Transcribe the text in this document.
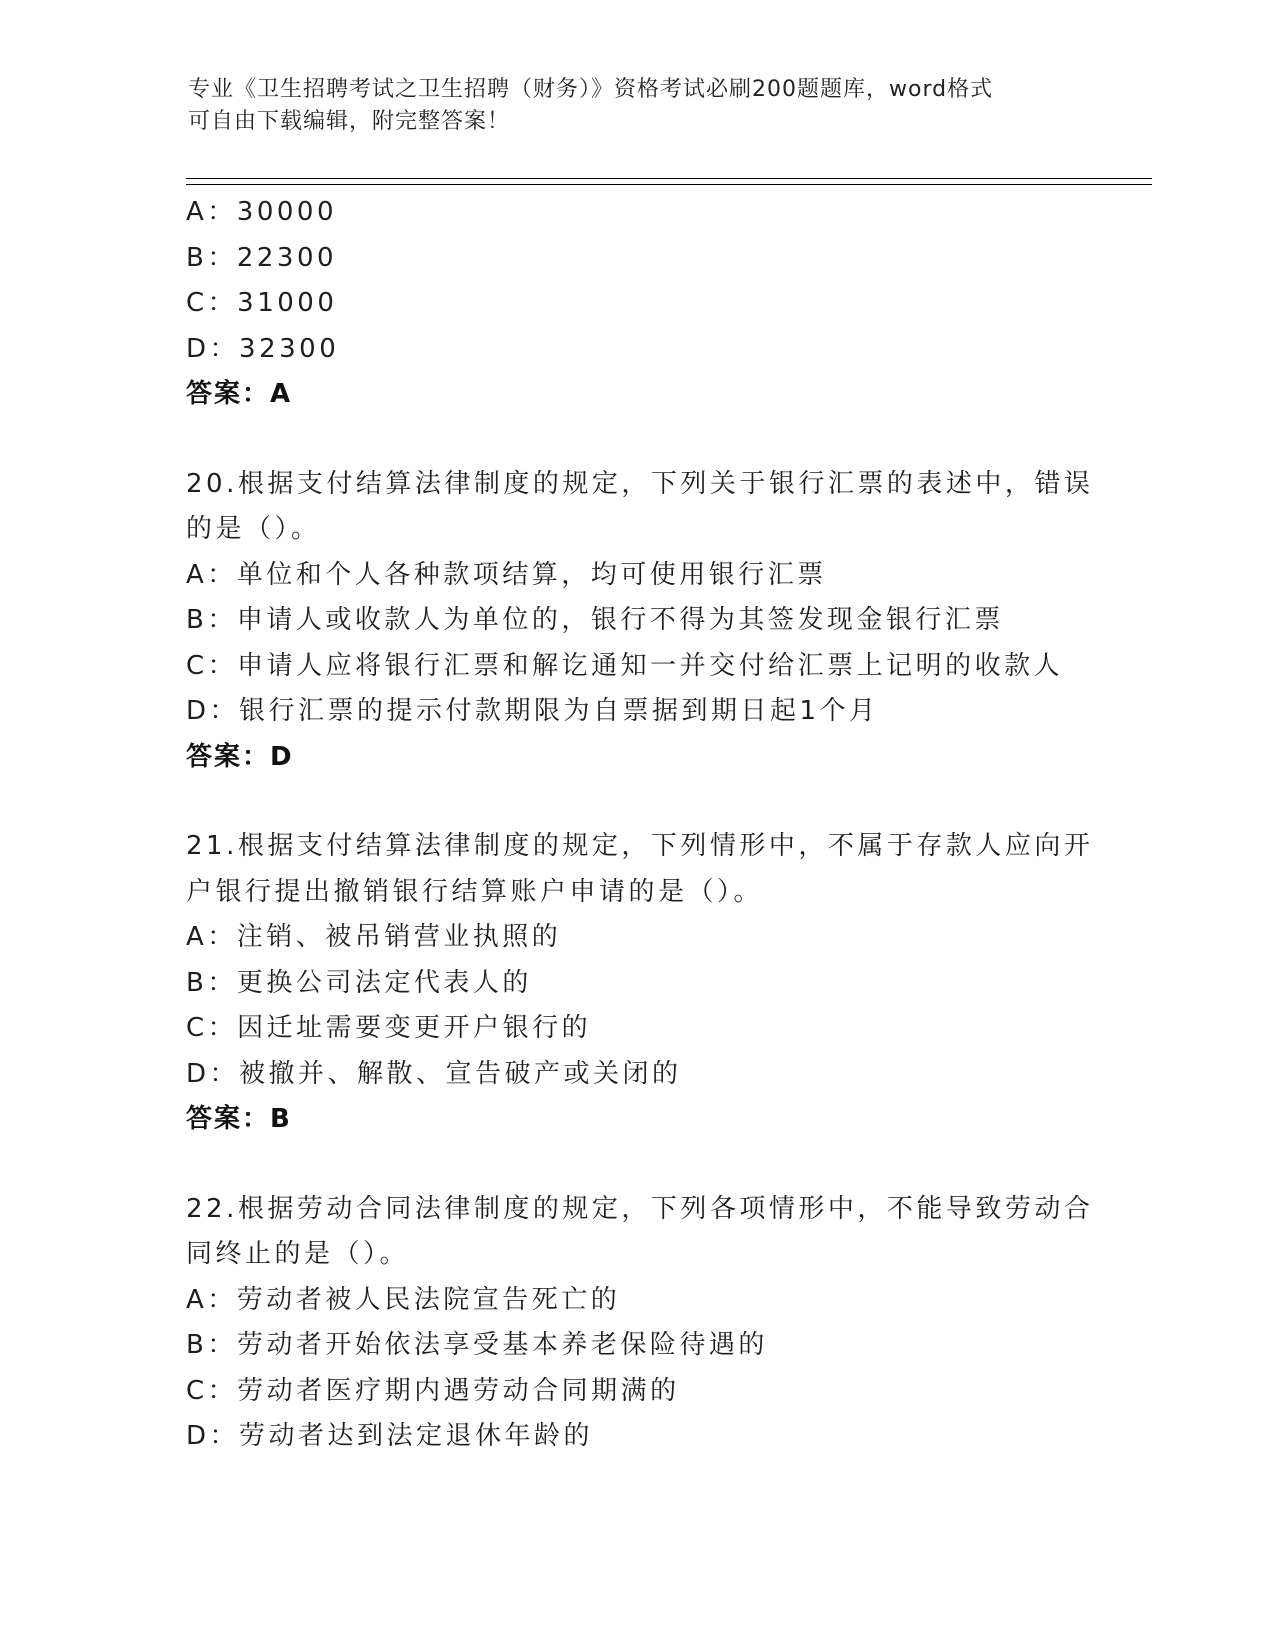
专业《卫生招聘考试之卫生招聘（财务）》资格考试必刷200题题库，word格式
可自由下载编辑，附完整答案！
A：30000
B：22300
C：31000
D：32300
答案：A
20.根据支付结算法律制度的规定，下列关于银行汇票的表述中，错误
的是（）。
A：单位和个人各种款项结算，均可使用银行汇票
B：申请人或收款人为单位的，银行不得为其签发现金银行汇票
C：申请人应将银行汇票和解讫通知一并交付给汇票上记明的收款人
D：银行汇票的提示付款期限为自票据到期日起1个月
答案：D
21.根据支付结算法律制度的规定，下列情形中，不属于存款人应向开
户银行提出撤销银行结算账户申请的是（）。
A：注销、被吊销营业执照的
B：更换公司法定代表人的
C：因迁址需要变更开户银行的
D：被撤并、解散、宣告破产或关闭的
答案：B
22.根据劳动合同法律制度的规定，下列各项情形中，不能导致劳动合
同终止的是（）。
A：劳动者被人民法院宣告死亡的
B：劳动者开始依法享受基本养老保险待遇的
C：劳动者医疗期内遇劳动合同期满的
D：劳动者达到法定退休年龄的
